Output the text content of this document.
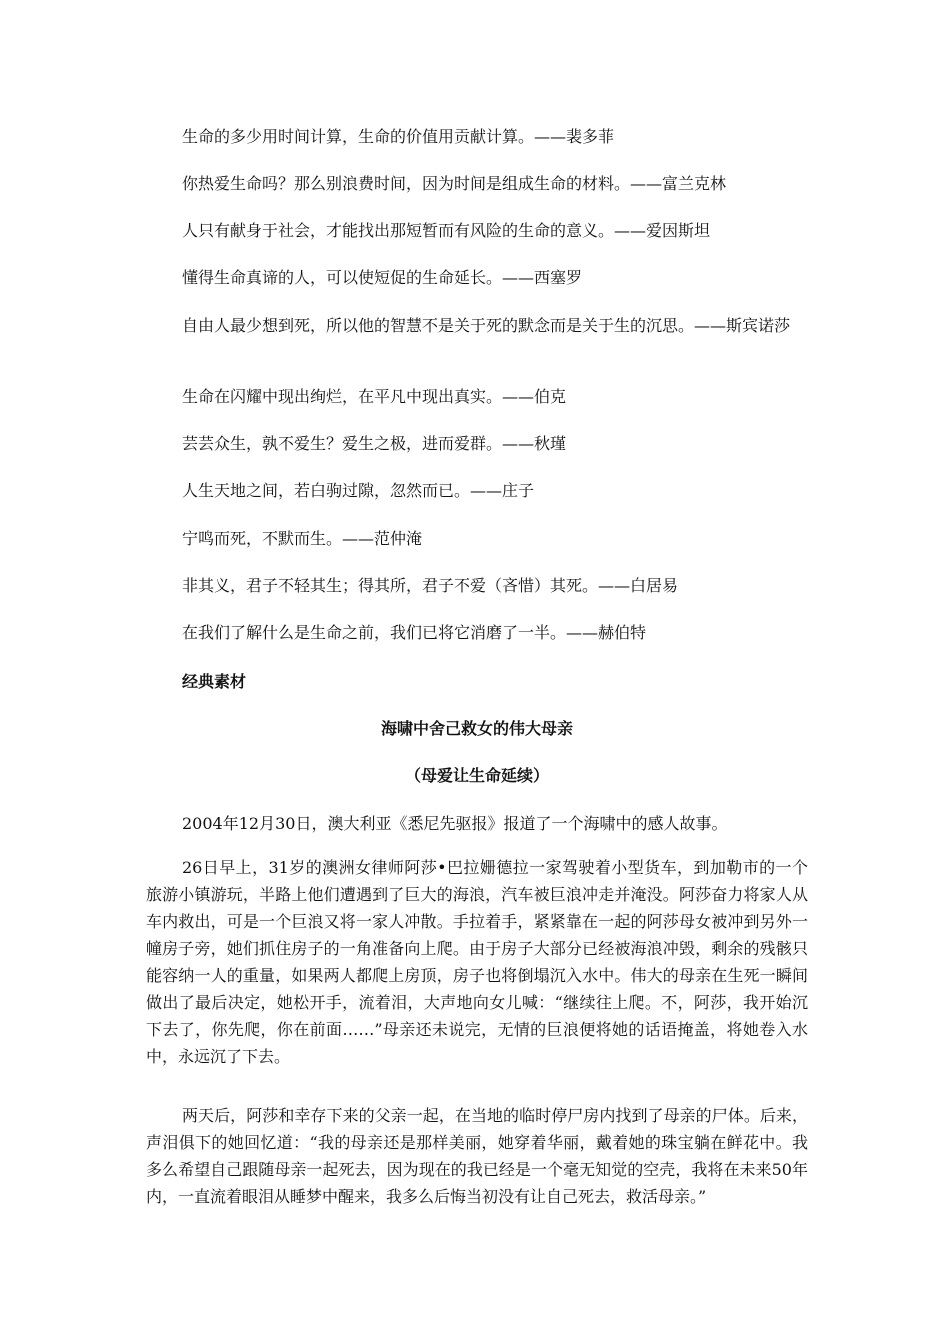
生命的多少用时间计算，生命的价值用贡献计算。——裴多菲

你热爱生命吗？那么别浪费时间，因为时间是组成生命的材料。——富兰克林

人只有献身于社会，才能找出那短暂而有风险的生命的意义。——爱因斯坦

懂得生命真谛的人，可以使短促的生命延长。——西塞罗

自由人最少想到死，所以他的智慧不是关于死的默念而是关于生的沉思。——斯宾诺莎

生命在闪耀中现出绚烂，在平凡中现出真实。——伯克

芸芸众生，孰不爱生？爱生之极，进而爱群。——秋瑾

人生天地之间，若白驹过隙，忽然而已。——庄子

宁鸣而死，不默而生。——范仲淹

非其义，君子不轻其生；得其所，君子不爱（吝惜）其死。——白居易

在我们了解什么是生命之前，我们已将它消磨了一半。——赫伯特

经典素材

海啸中舍己救女的伟大母亲

（母爱让生命延续）

2004年12月30日，澳大利亚《悉尼先驱报》报道了一个海啸中的感人故事。

26日早上，31岁的澳洲女律师阿莎•巴拉姗德拉一家驾驶着小型货车，到加勒市的一个旅游小镇游玩，半路上他们遭遇到了巨大的海浪，汽车被巨浪冲走并淹没。阿莎奋力将家人从车内救出，可是一个巨浪又将一家人冲散。手拉着手，紧紧靠在一起的阿莎母女被冲到另外一幢房子旁，她们抓住房子的一角准备向上爬。由于房子大部分已经被海浪冲毁，剩余的残骸只能容纳一人的重量，如果两人都爬上房顶，房子也将倒塌沉入水中。伟大的母亲在生死一瞬间做出了最后决定，她松开手，流着泪，大声地向女儿喊：“继续往上爬。不，阿莎，我开始沉下去了，你先爬，你在前面……”母亲还未说完，无情的巨浪便将她的话语掩盖，将她卷入水中，永远沉了下去。

两天后，阿莎和幸存下来的父亲一起，在当地的临时停尸房内找到了母亲的尸体。后来，声泪俱下的她回忆道：“我的母亲还是那样美丽，她穿着华丽，戴着她的珠宝躺在鲜花中。我多么希望自己跟随母亲一起死去，因为现在的我已经是一个毫无知觉的空壳，我将在未来50年内，一直流着眼泪从睡梦中醒来，我多么后悔当初没有让自己死去，救活母亲。”
